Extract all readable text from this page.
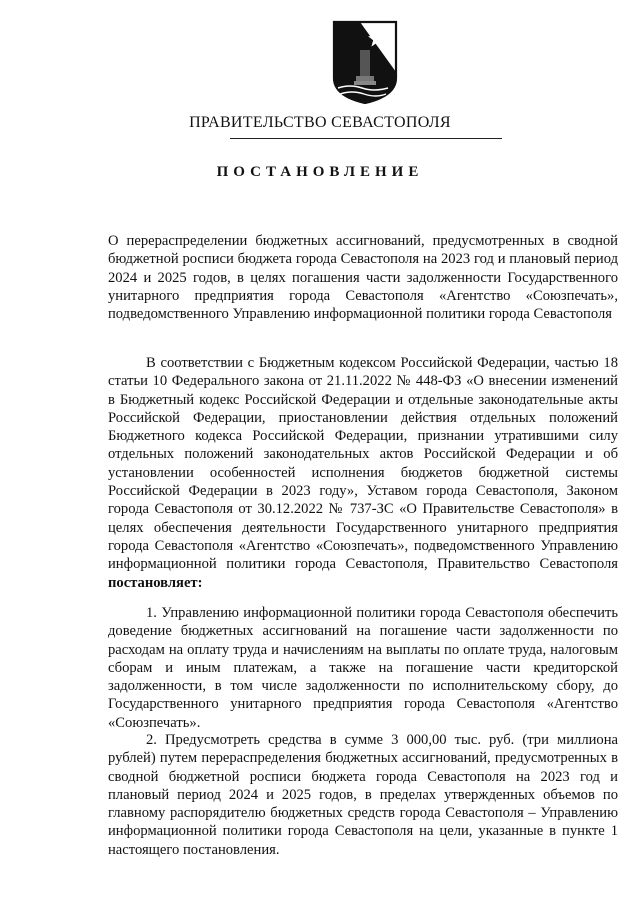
ПРАВИТЕЛЬСТВО СЕВАСТОПОЛЯ
ПОСТАНОВЛЕНИЕ

О перераспределении бюджетных ассигнований, предусмотренных в сводной бюджетной росписи бюджета города Севастополя на 2023 год и плановый период 2024 и 2025 годов, в целях погашения части задолженности Государственного унитарного предприятия города Севастополя «Агентство «Союзпечать», подведомственного Управлению информационной политики города Севастополя

В соответствии с Бюджетным кодексом Российской Федерации, частью 18 статьи 10 Федерального закона от 21.11.2022 № 448-ФЗ «О внесении изменений в Бюджетный кодекс Российской Федерации и отдельные законодательные акты Российской Федерации, приостановлении действия отдельных положений Бюджетного кодекса Российской Федерации, признании утратившими силу отдельных положений законодательных актов Российской Федерации и об установлении особенностей исполнения бюджетов бюджетной системы Российской Федерации в 2023 году», Уставом города Севастополя, Законом города Севастополя от 30.12.2022 № 737-ЗС «О Правительстве Севастополя» в целях обеспечения деятельности Государственного унитарного предприятия города Севастополя «Агентство «Союзпечать», подведомственного Управлению информационной политики города Севастополя, Правительство Севастополя постановляет:

1. Управлению информационной политики города Севастополя обеспечить доведение бюджетных ассигнований на погашение части задолженности по расходам на оплату труда и начислениям на выплаты по оплате труда, налоговым сборам и иным платежам, а также на погашение части кредиторской задолженности, в том числе задолженности по исполнительскому сбору, до Государственного унитарного предприятия города Севастополя «Агентство «Союзпечать».

2. Предусмотреть средства в сумме 3 000,00 тыс. руб. (три миллиона рублей) путем перераспределения бюджетных ассигнований, предусмотренных в сводной бюджетной росписи бюджета города Севастополя на 2023 год и плановый период 2024 и 2025 годов, в пределах утвержденных объемов по главному распорядителю бюджетных средств города Севастополя – Управлению информационной политики города Севастополя на цели, указанные в пункте 1 настоящего постановления.
